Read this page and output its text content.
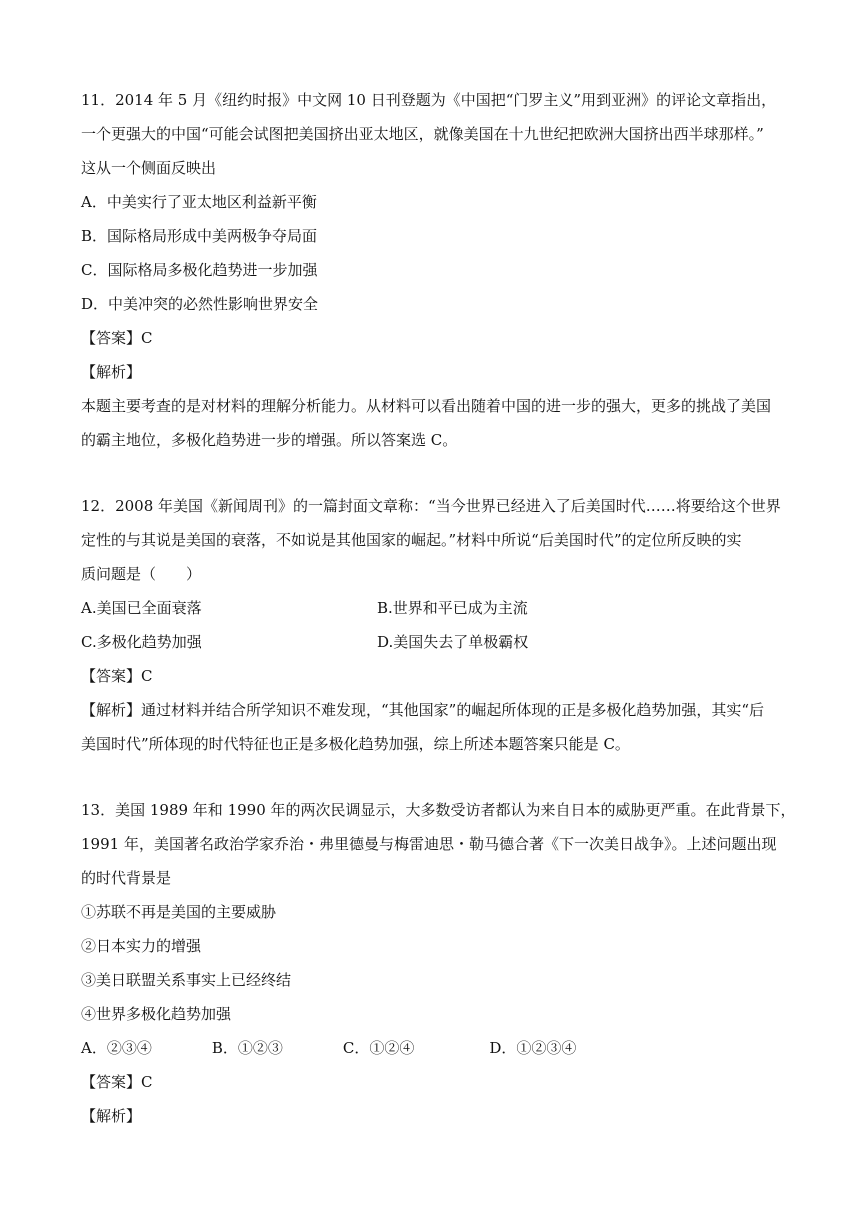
11．2014 年 5 月《纽约时报》中文网 10 日刊登题为《中国把“门罗主义”用到亚洲》的评论文章指出，
一个更强大的中国“可能会试图把美国挤出亚太地区，就像美国在十九世纪把欧洲大国挤出西半球那样。”
这从一个侧面反映出
A．中美实行了亚太地区利益新平衡
B．国际格局形成中美两极争夺局面
C．国际格局多极化趋势进一步加强
D．中美冲突的必然性影响世界安全
【答案】C
【解析】
本题主要考查的是对材料的理解分析能力。从材料可以看出随着中国的进一步的强大，更多的挑战了美国
的霸主地位，多极化趋势进一步的增强。所以答案选 C。
12．2008 年美国《新闻周刊》的一篇封面文章称：“当今世界已经进入了后美国时代……将要给这个世界
定性的与其说是美国的衰落，不如说是其他国家的崛起。”材料中所说“后美国时代”的定位所反映的实
质问题是（　　）
A.美国已全面衰落	B.世界和平已成为主流
C.多极化趋势加强	D.美国失去了单极霸权
【答案】C
【解析】通过材料并结合所学知识不难发现，“其他国家”的崛起所体现的正是多极化趋势加强，其实“后
美国时代”所体现的时代特征也正是多极化趋势加强，综上所述本题答案只能是 C。
13．美国 1989 年和 1990 年的两次民调显示，大多数受访者都认为来自日本的威胁更严重。在此背景下，
1991 年，美国著名政治学家乔治・弗里德曼与梅雷迪思・勒马德合著《下一次美日战争》。上述问题出现
的时代背景是
①苏联不再是美国的主要威胁
②日本实力的增强
③美日联盟关系事实上已经终结
④世界多极化趋势加强
A．②③④　　　　B．①②③　　　　C．①②④　　　　　D．①②③④
【答案】C
【解析】
